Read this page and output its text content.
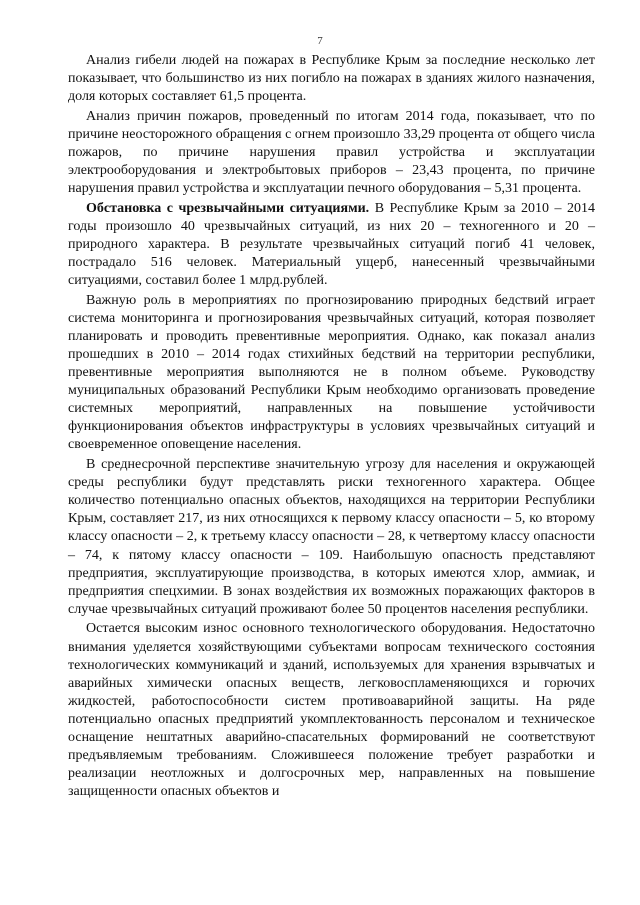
7

Анализ гибели людей на пожарах в Республике Крым за последние несколько лет показывает, что большинство из них погибло на пожарах в зданиях жилого назначения, доля которых составляет 61,5 процента.

Анализ причин пожаров, проведенный по итогам 2014 года, показывает, что по причине неосторожного обращения с огнем произошло 33,29 процента от общего числа пожаров, по причине нарушения правил устройства и эксплуатации электрооборудования и электробытовых приборов – 23,43 процента, по причине нарушения правил устройства и эксплуатации печного оборудования – 5,31 процента.

Обстановка с чрезвычайными ситуациями. В Республике Крым за 2010 – 2014 годы произошло 40 чрезвычайных ситуаций, из них 20 – техногенного и 20 – природного характера. В результате чрезвычайных ситуаций погиб 41 человек, пострадало 516 человек. Материальный ущерб, нанесенный чрезвычайными ситуациями, составил более 1 млрд.рублей.

Важную роль в мероприятиях по прогнозированию природных бедствий играет система мониторинга и прогнозирования чрезвычайных ситуаций, которая позволяет планировать и проводить превентивные мероприятия. Однако, как показал анализ прошедших в 2010 – 2014 годах стихийных бедствий на территории республики, превентивные мероприятия выполняются не в полном объеме. Руководству муниципальных образований Республики Крым необходимо организовать проведение системных мероприятий, направленных на повышение устойчивости функционирования объектов инфраструктуры в условиях чрезвычайных ситуаций и своевременное оповещение населения.

В среднесрочной перспективе значительную угрозу для населения и окружающей среды республики будут представлять риски техногенного характера. Общее количество потенциально опасных объектов, находящихся на территории Республики Крым, составляет 217, из них относящихся к первому классу опасности – 5, ко второму классу опасности – 2, к третьему классу опасности – 28, к четвертому классу опасности – 74, к пятому классу опасности – 109. Наибольшую опасность представляют предприятия, эксплуатирующие производства, в которых имеются хлор, аммиак, и предприятия спецхимии. В зонах воздействия их возможных поражающих факторов в случае чрезвычайных ситуаций проживают более 50 процентов населения республики.

Остается высоким износ основного технологического оборудования. Недостаточно внимания уделяется хозяйствующими субъектами вопросам технического состояния технологических коммуникаций и зданий, используемых для хранения взрывчатых и аварийных химически опасных веществ, легковоспламеняющихся и горючих жидкостей, работоспособности систем противоаварийной защиты. На ряде потенциально опасных предприятий укомплектованность персоналом и техническое оснащение нештатных аварийно-спасательных формирований не соответствуют предъявляемым требованиям. Сложившееся положение требует разработки и реализации неотложных и долгосрочных мер, направленных на повышение защищенности опасных объектов и
